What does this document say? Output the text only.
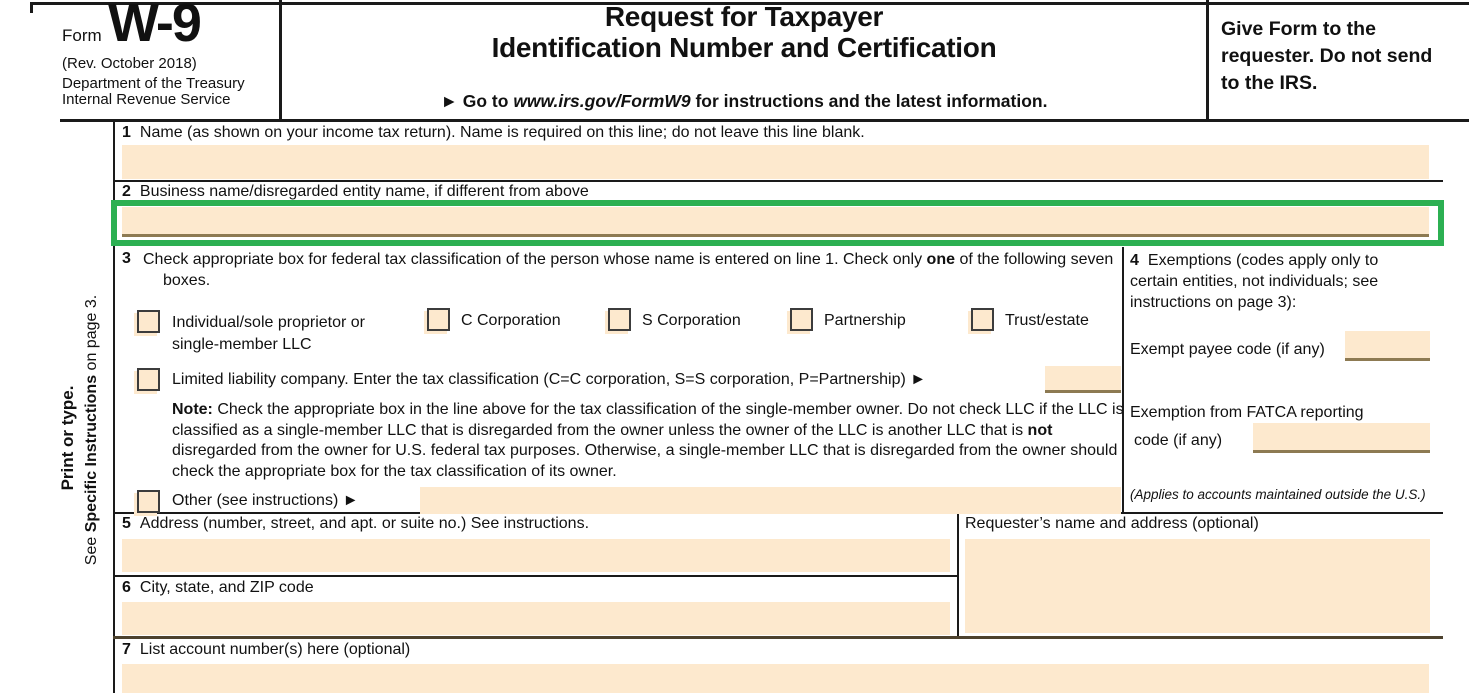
Form W-9
(Rev. October 2018)
Department of the Treasury
Internal Revenue Service
Request for Taxpayer
Identification Number and Certification
► Go to www.irs.gov/FormW9 for instructions and the latest information.
Give Form to the requester. Do not send to the IRS.
Print or type.
See Specific Instructions on page 3.
1 Name (as shown on your income tax return). Name is required on this line; do not leave this line blank.
2 Business name/disregarded entity name, if different from above
3 Check appropriate box for federal tax classification of the person whose name is entered on line 1. Check only one of the following seven boxes.
Individual/sole proprietor or single-member LLC
C Corporation	S Corporation	Partnership	Trust/estate
Limited liability company. Enter the tax classification (C=C corporation, S=S corporation, P=Partnership) ►
Note: Check the appropriate box in the line above for the tax classification of the single-member owner. Do not check LLC if the LLC is classified as a single-member LLC that is disregarded from the owner unless the owner of the LLC is another LLC that is not disregarded from the owner for U.S. federal tax purposes. Otherwise, a single-member LLC that is disregarded from the owner should check the appropriate box for the tax classification of its owner.
Other (see instructions) ►
4 Exemptions (codes apply only to certain entities, not individuals; see instructions on page 3):
Exempt payee code (if any)
Exemption from FATCA reporting
code (if any)
(Applies to accounts maintained outside the U.S.)
5 Address (number, street, and apt. or suite no.) See instructions.	Requester’s name and address (optional)
6 City, state, and ZIP code
7 List account number(s) here (optional)
